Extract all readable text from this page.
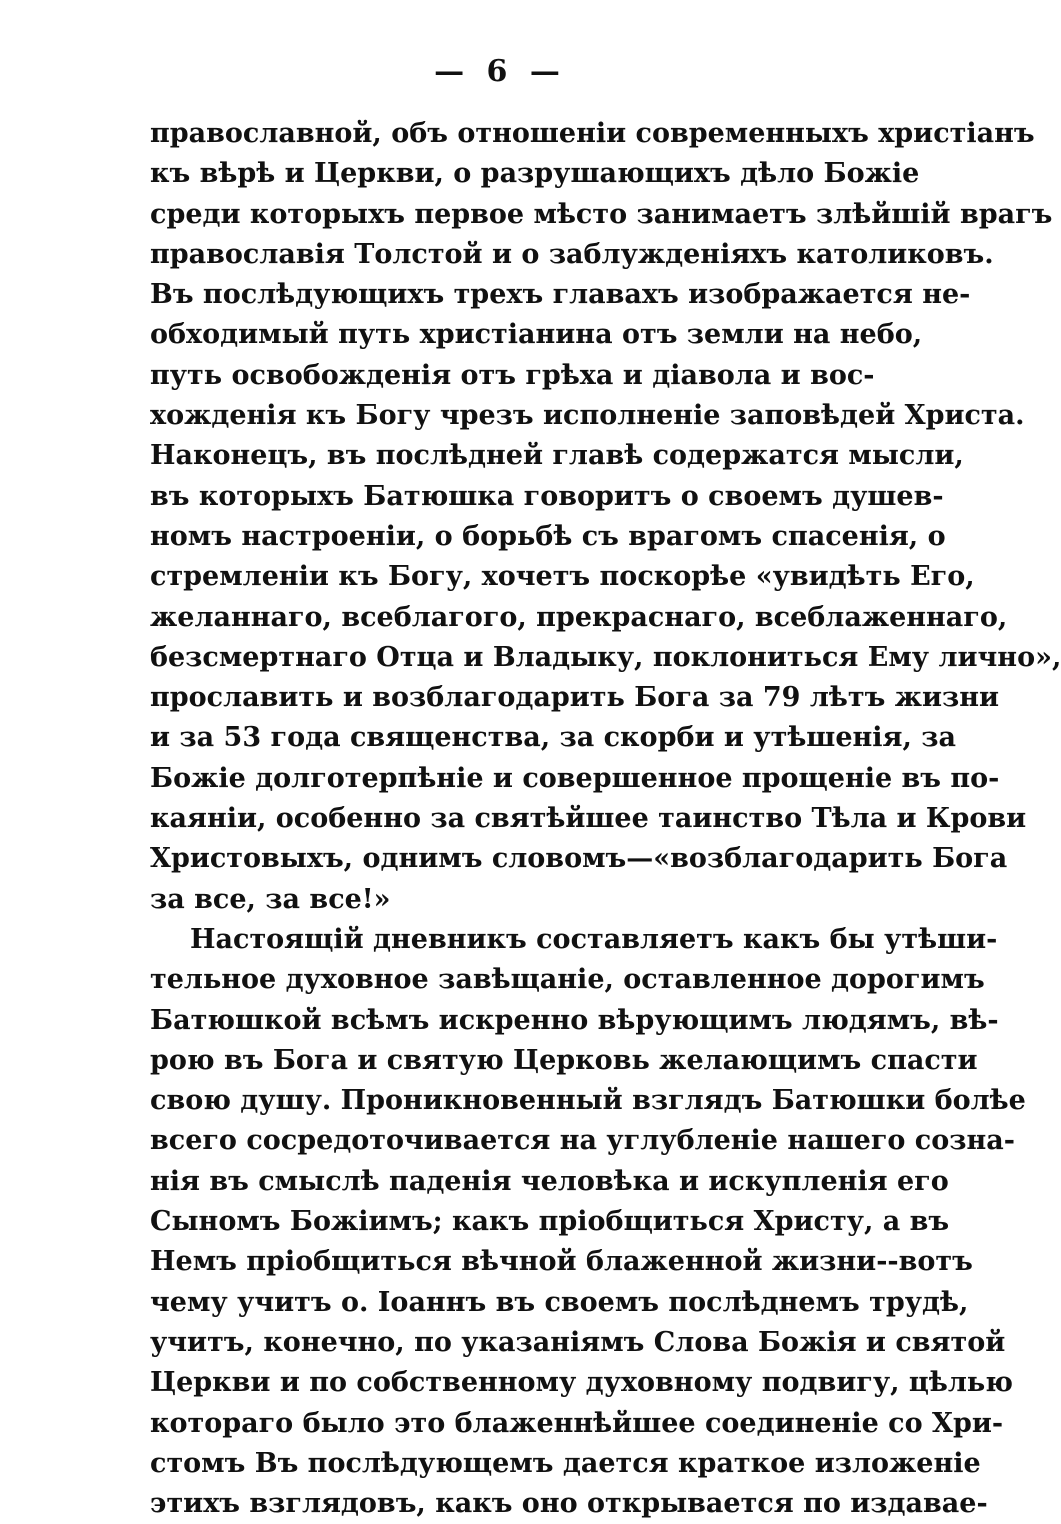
— 6 —
православной, объ отношенiи современныхъ христiанъ
къ вѣрѣ и Церкви, о разрушающихъ дѣло Божiе
среди которыхъ первое мѣсто занимаетъ злѣйшiй врагъ
православiя Толстой и о заблужденiяхъ католиковъ.
Въ послѣдующихъ трехъ главахъ изображается не-
обходимый путь христiанина отъ земли на небо,
путь освобожденiя отъ грѣха и дiавола и вос-
хожденiя къ Богу чрезъ исполненiе заповѣдей Христа.
Наконецъ, въ послѣдней главѣ содержатся мысли,
въ которыхъ Батюшка говоритъ о своемъ душев-
номъ настроенiи, о борьбѣ съ врагомъ спасенiя, о
стремленiи къ Богу, хочетъ поскорѣе «увидѣть Его,
желаннаго, всеблагого, прекраснаго, всеблаженнаго,
безсмертнаго Отца и Владыку, поклониться Ему лично»,
прославить и возблагодарить Бога за 79 лѣтъ жизни
и за 53 года священства, за скорби и утѣшенiя, за
Божiе долготерпѣнiе и совершенное прощенiе въ по-
каянiи, особенно за святѣйшее таинство Тѣла и Крови
Христовыхъ, однимъ словомъ—«возблагодарить Бога
за все, за все!»
Настоящiй дневникъ составляетъ какъ бы утѣши-
тельное духовное завѣщанiе, оставленное дорогимъ
Батюшкой всѣмъ искренно вѣрующимъ людямъ, вѣ-
рою въ Бога и святую Церковь желающимъ спасти
свою душу. Проникновенный взглядъ Батюшки болѣе
всего сосредоточивается на углубленiе нашего созна-
нiя въ смыслѣ паденiя человѣка и искупленiя его
Сыномъ Божiимъ; какъ прiобщиться Христу, а въ
Немъ прiобщиться вѣчной блаженной жизни--вотъ
чему учитъ о. Iоаннъ въ своемъ послѣднемъ трудѣ,
учитъ, конечно, по указанiямъ Слова Божiя и святой
Церкви и по собственному духовному подвигу, цѣлью
котораго было это блаженнѣйшее соединенiе со Хри-
стомъ Въ послѣдующемъ дается краткое изложенiе
этихъ взглядовъ, какъ оно открывается по издавае-
